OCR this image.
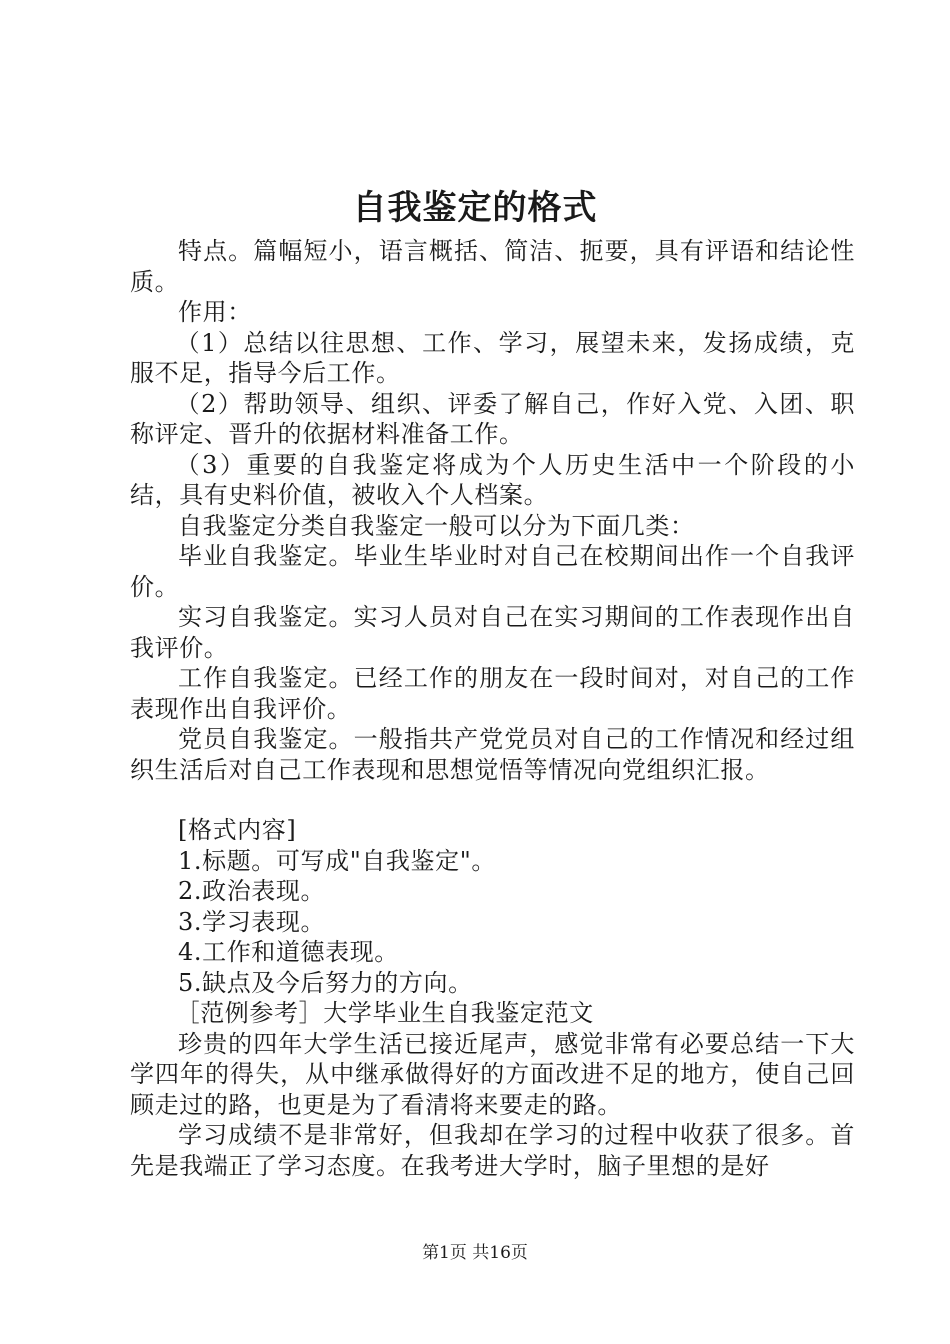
自我鉴定的格式

特点。篇幅短小，语言概括、简洁、扼要，具有评语和结论性质。

作用：

（1）总结以往思想、工作、学习，展望未来，发扬成绩，克服不足，指导今后工作。

（2）帮助领导、组织、评委了解自己，作好入党、入团、职称评定、晋升的依据材料准备工作。

（3）重要的自我鉴定将成为个人历史生活中一个阶段的小结，具有史料价值，被收入个人档案。

自我鉴定分类自我鉴定一般可以分为下面几类：

毕业自我鉴定。毕业生毕业时对自己在校期间出作一个自我评价。

实习自我鉴定。实习人员对自己在实习期间的工作表现作出自我评价。

工作自我鉴定。已经工作的朋友在一段时间对，对自己的工作表现作出自我评价。

党员自我鉴定。一般指共产党党员对自己的工作情况和经过组织生活后对自己工作表现和思想觉悟等情况向党组织汇报。

[格式内容]

1.标题。可写成"自我鉴定"。

2.政治表现。

3.学习表现。

4.工作和道德表现。

5.缺点及今后努力的方向。

［范例参考］大学毕业生自我鉴定范文

珍贵的四年大学生活已接近尾声，感觉非常有必要总结一下大学四年的得失，从中继承做得好的方面改进不足的地方，使自己回顾走过的路，也更是为了看清将来要走的路。

学习成绩不是非常好，但我却在学习的过程中收获了很多。首先是我端正了学习态度。在我考进大学时，脑子里想的是好

第1页 共16页
